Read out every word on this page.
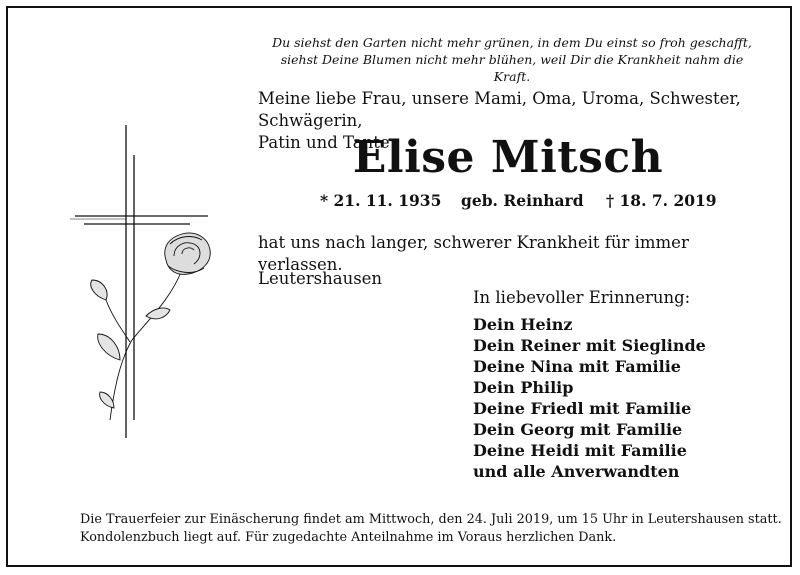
Du siehst den Garten nicht mehr grünen, in dem Du einst so froh geschafft,
siehst Deine Blumen nicht mehr blühen, weil Dir die Krankheit nahm die Kraft.
Meine liebe Frau, unsere Mami, Oma, Uroma, Schwester, Schwägerin,
Patin und Tante
Elise Mitsch
* 21. 11. 1935 geb. Reinhard † 18. 7. 2019
hat uns nach langer, schwerer Krankheit für immer verlassen.
Leutershausen
In liebevoller Erinnerung:
Dein Heinz
Dein Reiner mit Sieglinde
Deine Nina mit Familie
Dein Philip
Deine Friedl mit Familie
Dein Georg mit Familie
Deine Heidi mit Familie
und alle Anverwandten
Die Trauerfeier zur Einäscherung findet am Mittwoch, den 24. Juli 2019, um 15 Uhr in Leutershausen statt.
Kondolenzbuch liegt auf. Für zugedachte Anteilnahme im Voraus herzlichen Dank.
